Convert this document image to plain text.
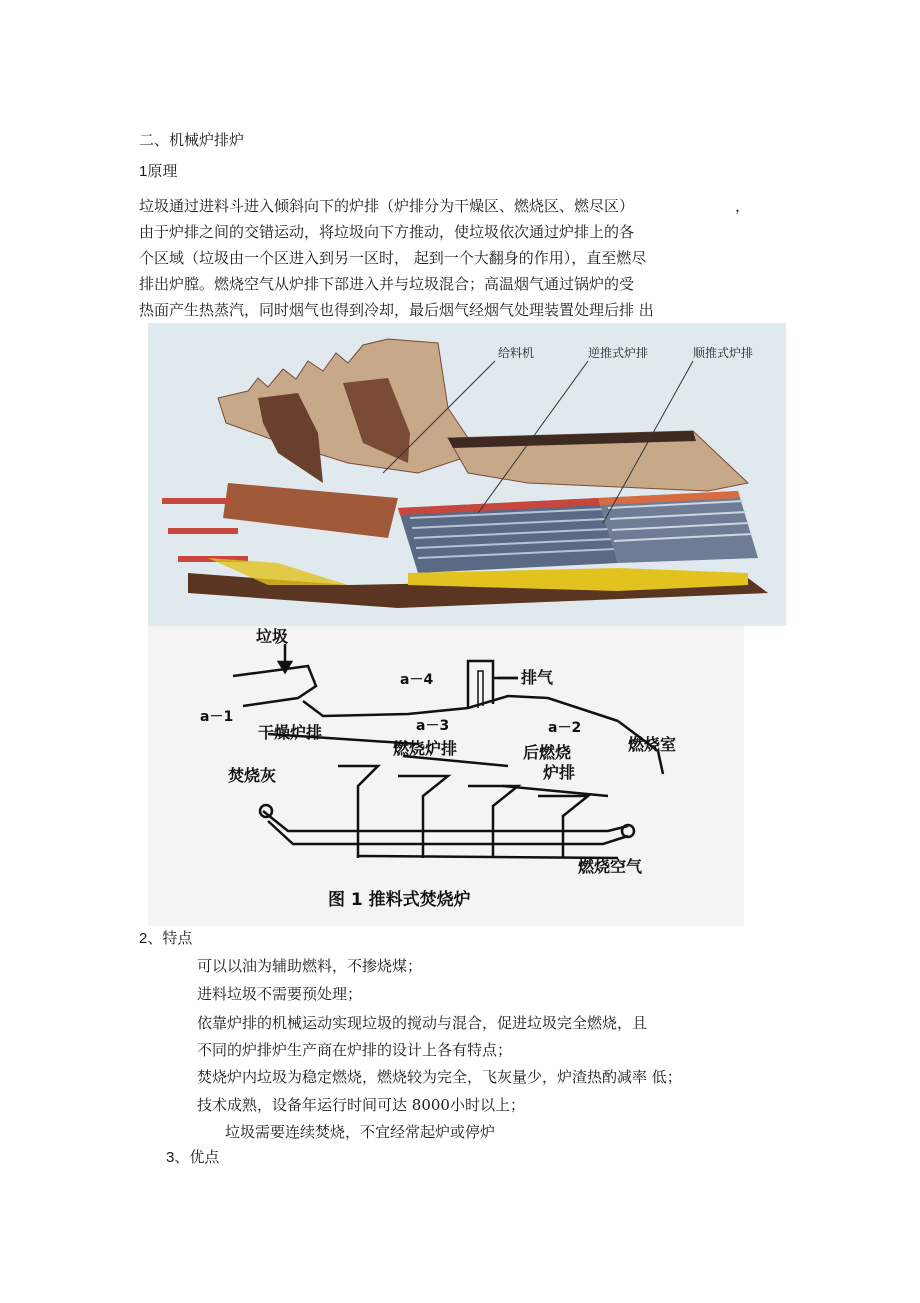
二、机械炉排炉
1原理
垃圾通过进料斗进入倾斜向下的炉排（炉排分为干燥区、燃烧区、燃尽区）	，
由于炉排之间的交错运动，将垃圾向下方推动，使垃圾依次通过炉排上的各
个区域（垃圾由一个区进入到另一区时， 起到一个大翻身的作用），直至燃尽
排出炉膛。燃烧空气从炉排下部进入并与垃圾混合；高温烟气通过锅炉的受
热面产生热蒸汽，同时烟气也得到冷却，最后烟气经烟气处理装置处理后排 出
给料机	逆推式炉排	顺推式炉排
垃圾
排气
a－4
a－1
a－3	a－2
干燥炉排
燃烧炉排	后燃烧
炉排
燃烧室
焚烧灰
燃烧空气
图 1 推料式焚烧炉
2、特点
可以以油为辅助燃料，不掺烧煤；
进料垃圾不需要预处理；
依靠炉排的机械运动实现垃圾的搅动与混合，促进垃圾完全燃烧，且
不同的炉排炉生产商在炉排的设计上各有特点；
焚烧炉内垃圾为稳定燃烧，燃烧较为完全，飞灰量少，炉渣热酌减率 低；
技术成熟，设备年运行时间可达 8000小时以上；
垃圾需要连续焚烧，不宜经常起炉或停炉
3、优点
